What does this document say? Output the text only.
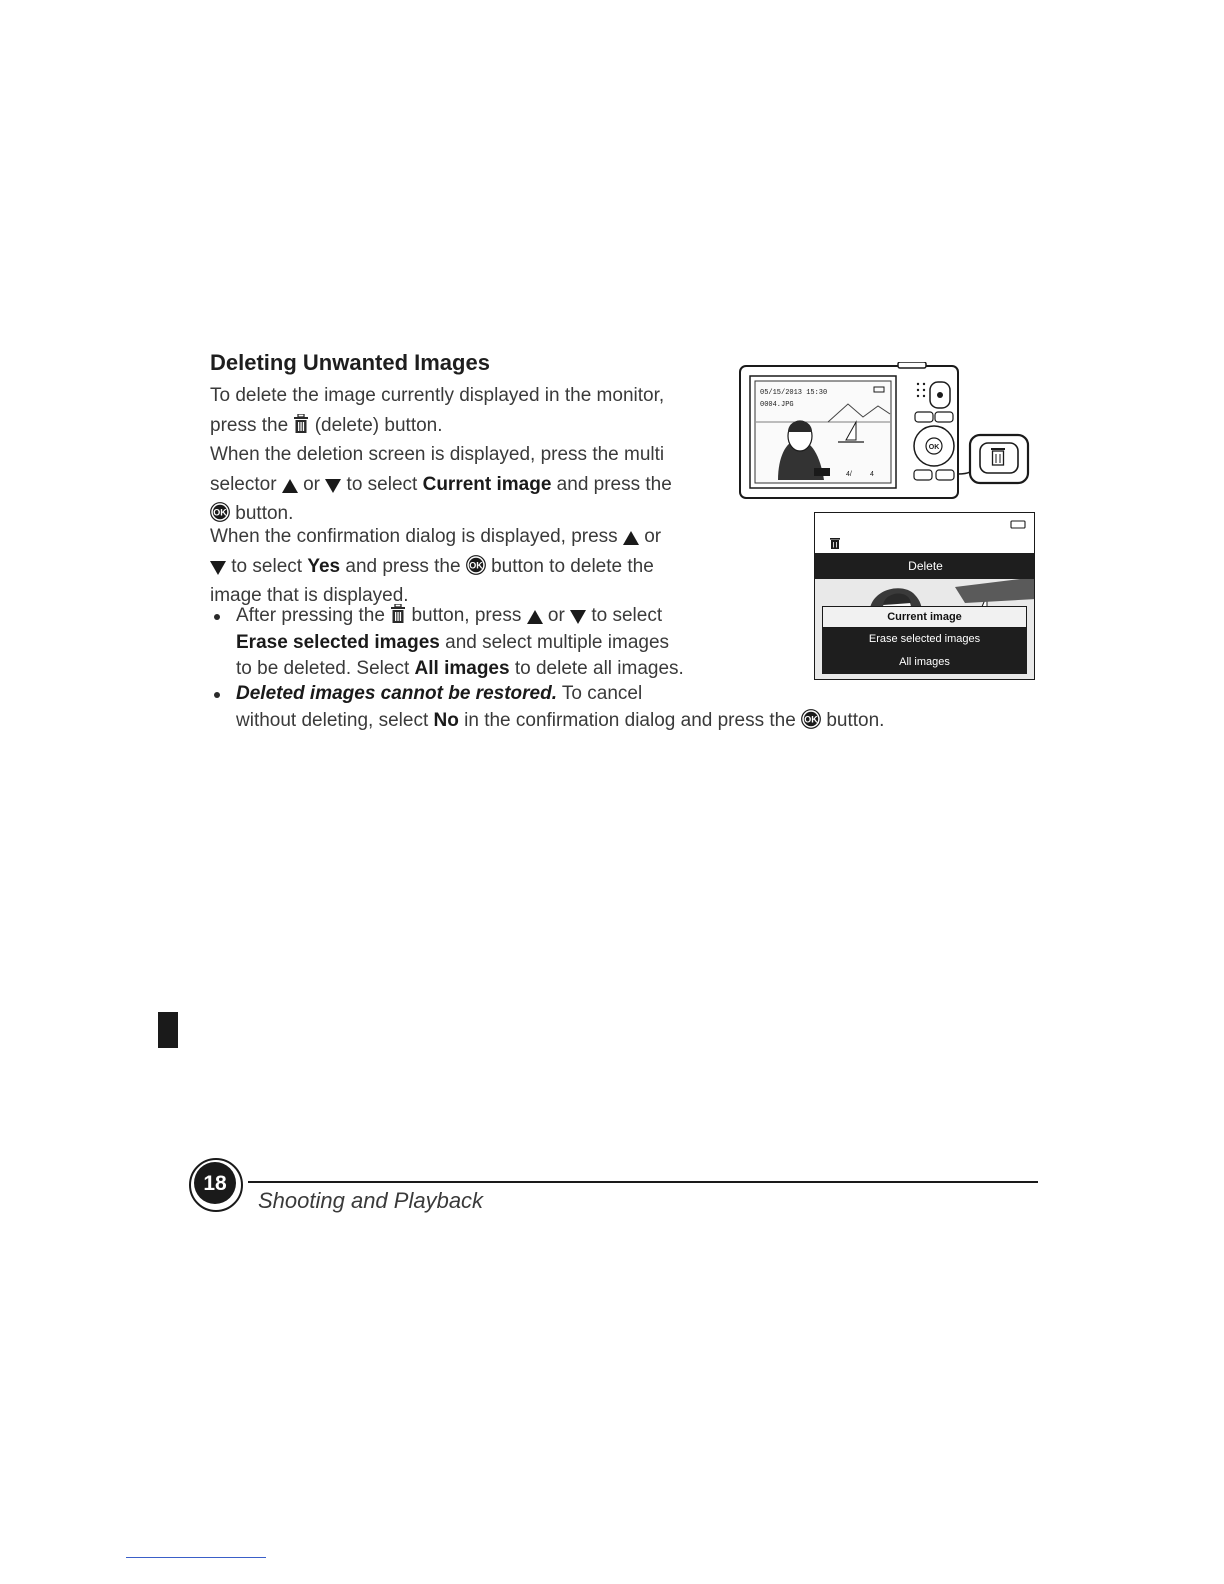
Deleting Unwanted Images
To delete the image currently displayed in the monitor,
press the  (delete) button.
When the deletion screen is displayed, press the multi
selector  or  to select Current image and press the
OK button.
When the confirmation dialog is displayed, press  or
to select Yes and press the OK button to delete the
image that is displayed.
After pressing the  button, press  or  to select
Erase selected images and select multiple images
to be deleted. Select All images to delete all images.
Deleted images cannot be restored. To cancel
without deleting, select No in the confirmation dialog and press the OK button.
05/15/2013 15:30
0004.JPG
4/	4
OK
Delete
Current image
Erase selected images
All images
18
Shooting and Playback
